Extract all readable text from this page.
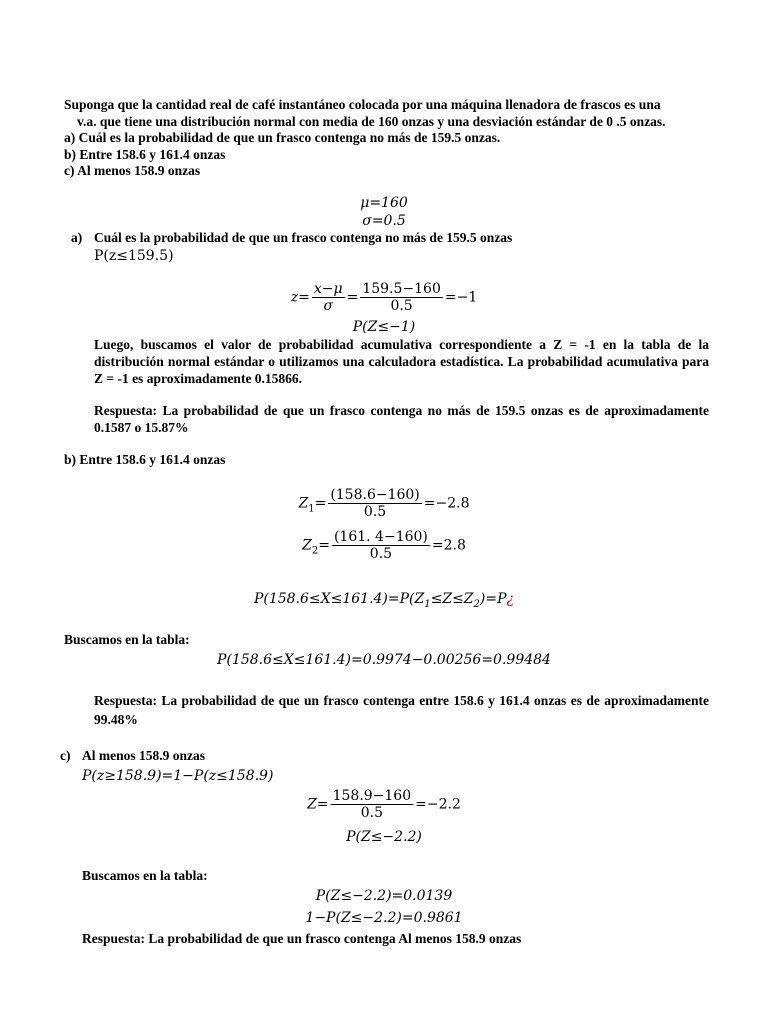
Suponga que la cantidad real de café instantáneo colocada por una máquina llenadora de frascos es una
v.a. que tiene una distribución normal con media de 160 onzas y una desviación estándar de 0 .5 onzas.
a) Cuál es la probabilidad de que un frasco contenga no más de 159.5 onzas.
b) Entre 158.6 y 161.4 onzas
c) Al menos 158.9 onzas
μ=160
σ=0.5
a) Cuál es la probabilidad de que un frasco contenga no más de 159.5 onzas
P(z≤159.5)
$z= \frac{x-\mu}{\sigma} = \frac{159.5-160}{0.5} =-1$
P(Z≤−1)
Luego, buscamos el valor de probabilidad acumulativa correspondiente a Z = -1 en la tabla de la distribución normal estándar o utilizamos una calculadora estadística. La probabilidad acumulativa para Z = -1 es aproximadamente 0.15866.
Respuesta: La probabilidad de que un frasco contenga no más de 159.5 onzas es de aproximadamente 0.1587 o 15.87%
b) Entre 158.6 y 161.4 onzas
$Z_1= \frac{(158.6-160)}{0.5} =-2.8$
$Z_2= \frac{(161. 4-160)}{0.5} =2.8$
$P(158.6\le X\le 161.4)=P(Z_1\le Z\le Z_2)=P¿$
Buscamos en la tabla:
P(158.6≤X≤161.4)=0.9974−0.00256=0.99484
Respuesta: La probabilidad de que un frasco contenga entre 158.6 y 161.4 onzas es de aproximadamente 99.48%
c) Al menos 158.9 onzas
P(z≥158.9)=1−P(z≤158.9)
$Z= \frac{158.9-160}{0.5} =-2.2$
P(Z≤−2.2)
Buscamos en la tabla:
P(Z≤−2.2)=0.0139
1−P(Z≤−2.2)=0.9861
Respuesta: La probabilidad de que un frasco contenga Al menos 158.9 onzas
